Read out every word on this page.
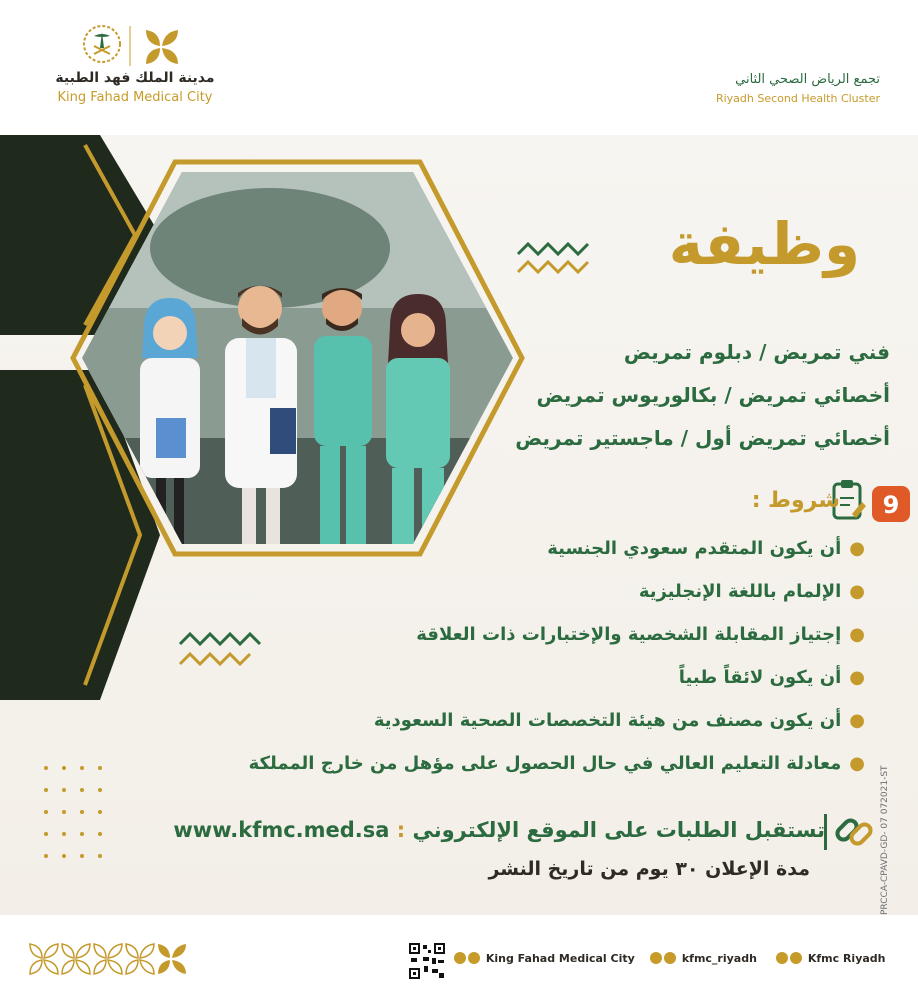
مدينة الملك فهد الطبية
King Fahad Medical City
تجمع الرياض الصحي الثاني
Riyadh Second Health Cluster
وظيفة
فني تمريض / دبلوم تمريض
أخصائي تمريض / بكالوريوس تمريض
أخصائي تمريض أول / ماجستير تمريض
9
شروط :
●أن يكون المتقدم سعودي الجنسية
●الإلمام باللغة الإنجليزية
●إجتياز المقابلة الشخصية والإختبارات ذات العلاقة
●أن يكون لائقاً طبياً
●أن يكون مصنف من هيئة التخصصات الصحية السعودية
●معادلة التعليم العالي في حال الحصول على مؤهل من خارج المملكة
تستقبل الطلبات على الموقع الإلكتروني : www.kfmc.med.sa
مدة الإعلان ٣٠ يوم من تاريخ النشر	PRCCA-CPAVD-GD- 07 072021-ST
King Fahad Medical City	kfmc_riyadh	Kfmc Riyadh
